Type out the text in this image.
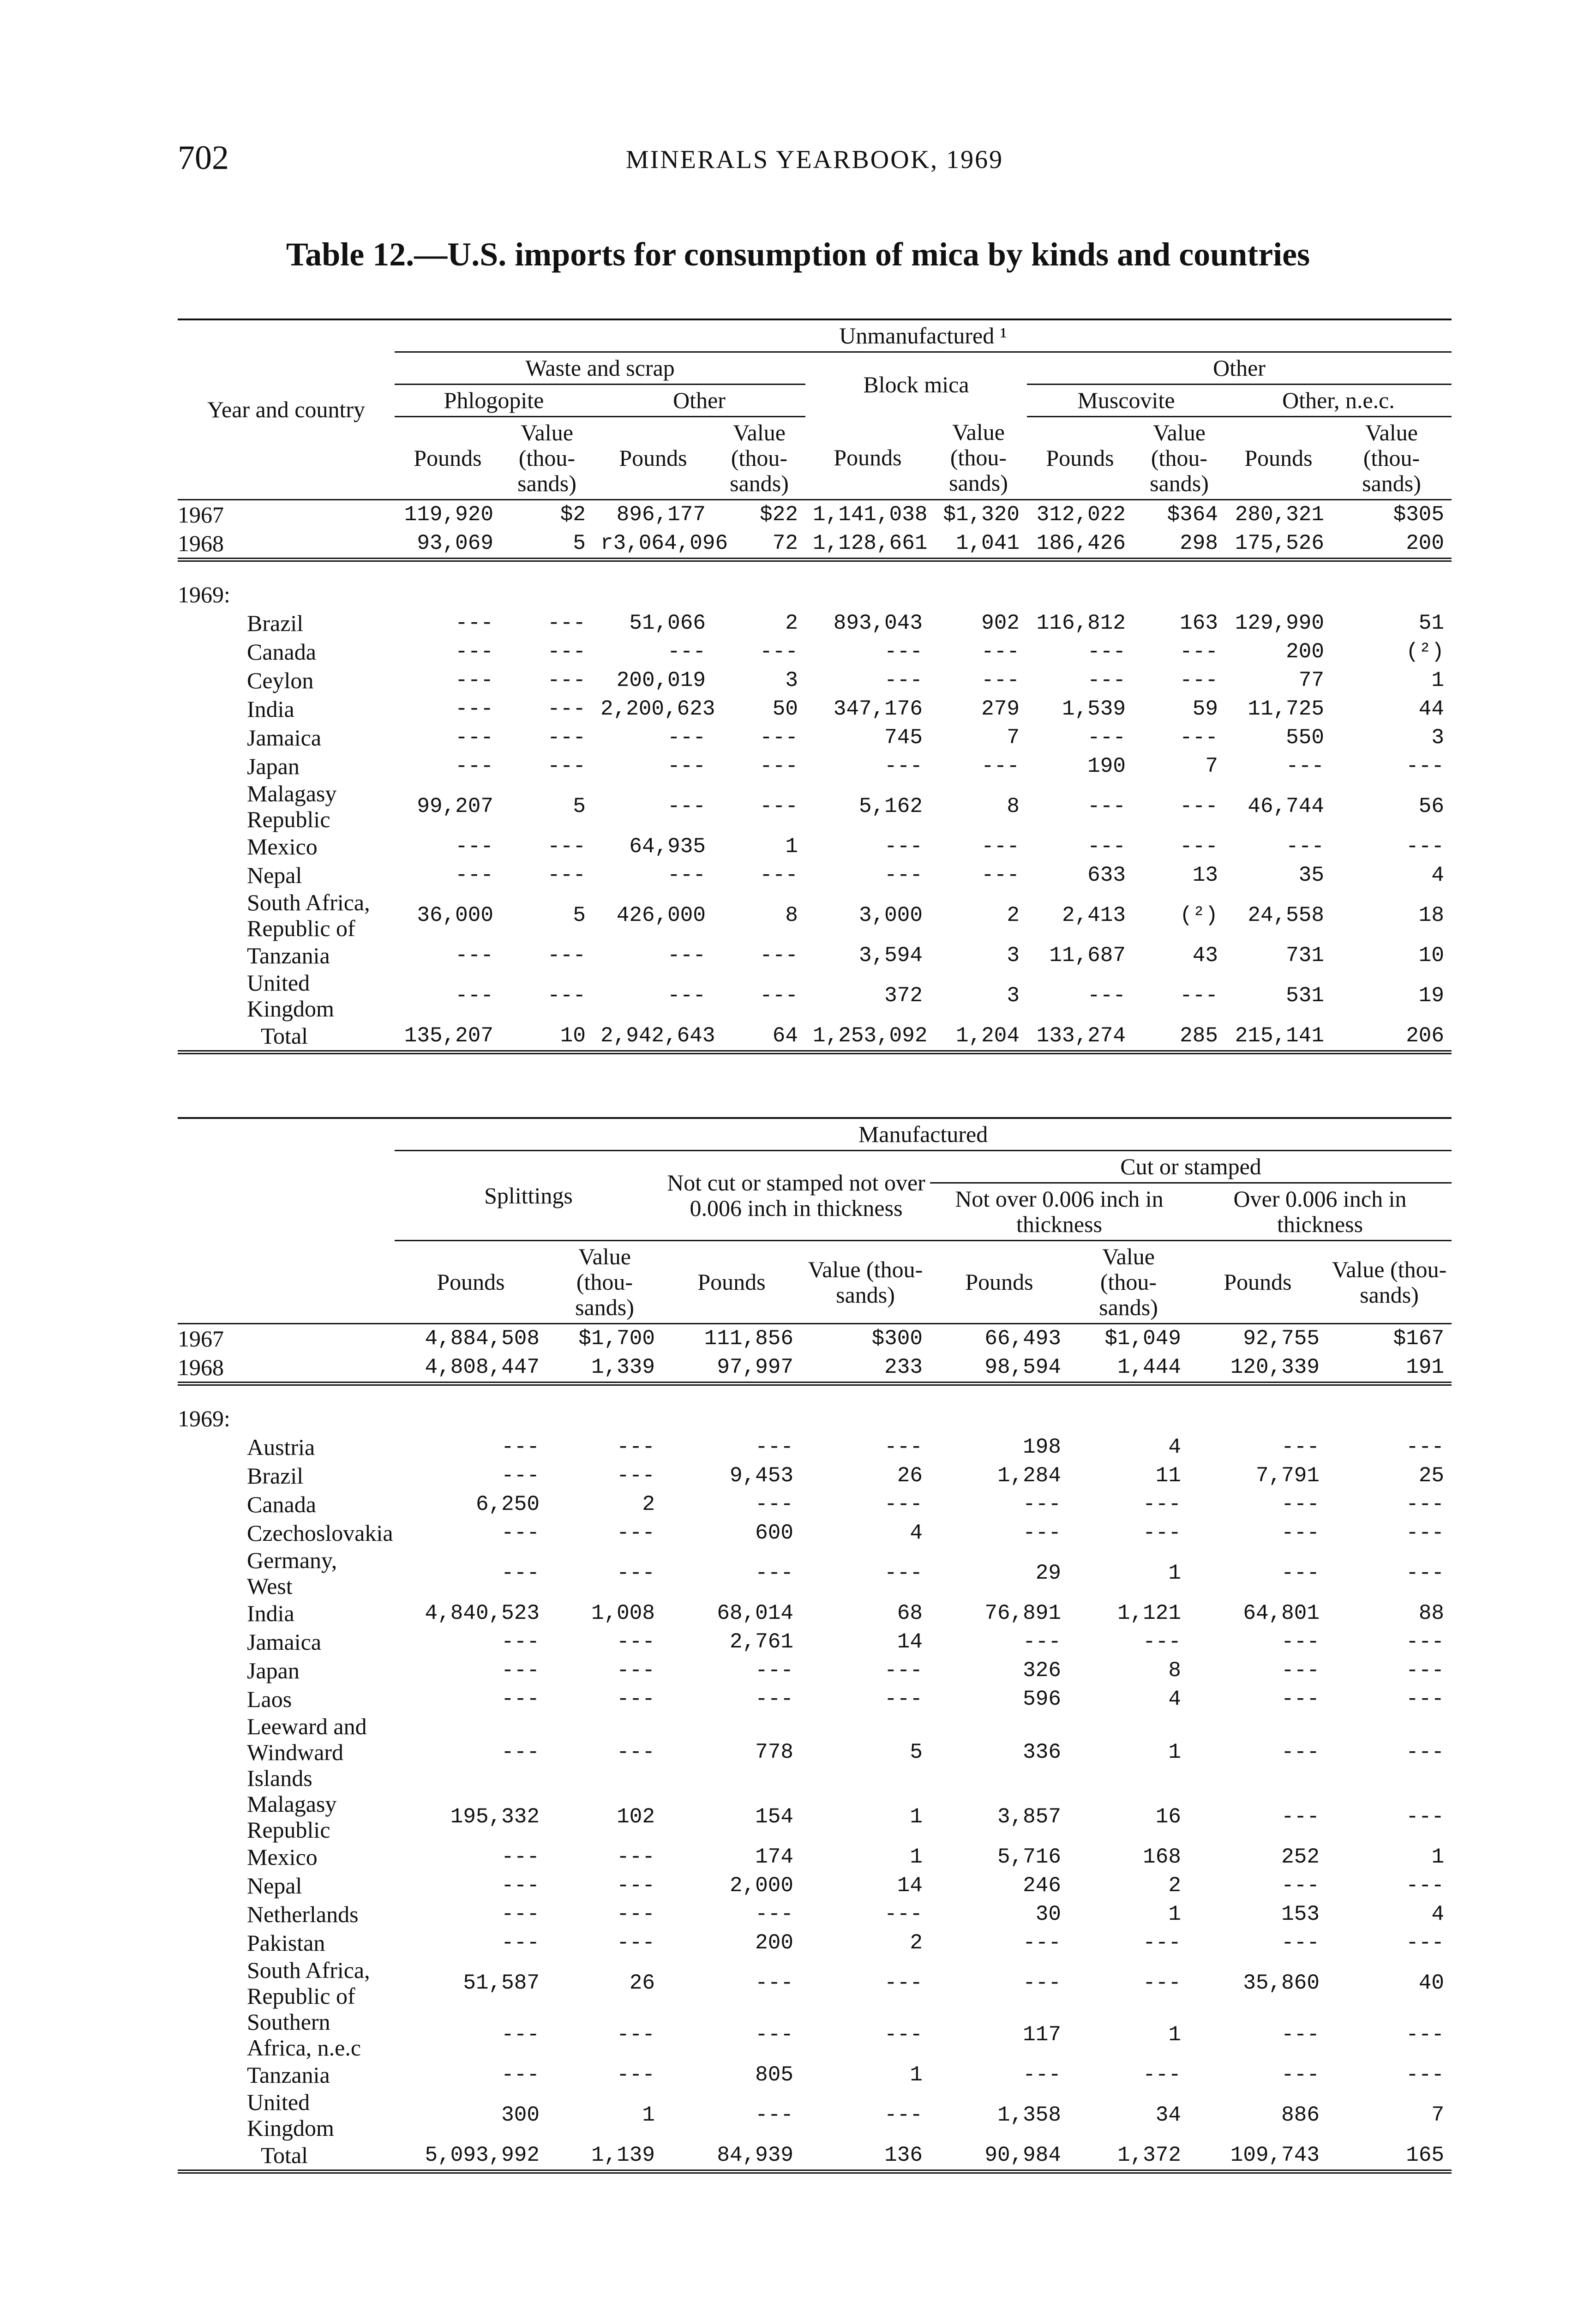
702	MINERALS YEARBOOK, 1969
Table 12.—U.S. imports for consumption of mica by kinds and countries
Year and country	Unmanufactured ¹									
	Waste and scrap				Block mica		Other			
	Phlogopite		Other				Muscovite		Other, n.e.c.	
	Pounds	Value (thou-sands)	Pounds	Value (thou-sands)	Pounds	Value (thou-sands)	Pounds	Value (thou-sands)	Pounds	Value (thou-sands)
1967	119,920	$2	896,177	$22	1,141,038	$1,320	312,022	$364	280,321	$305
1968	93,069	5	r3,064,096	72	1,128,661	1,041	186,426	298	175,526	200
1969:										
Brazil	---	---	51,066	2	893,043	902	116,812	163	129,990	51
Canada	---	---	---	---	---	---	---	---	200	(²)
Ceylon	---	---	200,019	3	---	---	---	---	77	1
India	---	---	2,200,623	50	347,176	279	1,539	59	11,725	44
Jamaica	---	---	---	---	745	7	---	---	550	3
Japan	---	---	---	---	---	---	190	7	---	---
Malagasy Republic	99,207	5	---	---	5,162	8	---	---	46,744	56
Mexico	---	---	64,935	1	---	---	---	---	---	---
Nepal	---	---	---	---	---	---	633	13	35	4
South Africa, Republic of	36,000	5	426,000	8	3,000	2	2,413	(²)	24,558	18
Tanzania	---	---	---	---	3,594	3	11,687	43	731	10
United Kingdom	---	---	---	---	372	3	---	---	531	19
Total	135,207	10	2,942,643	64	1,253,092	1,204	133,274	285	215,141	206
	Manufactured							
	Splittings		Not cut or stamped not over 0.006 inch in thickness		Cut or stamped			
					Not over 0.006 inch in thickness		Over 0.006 inch in thickness	
	Pounds	Value (thou-sands)	Pounds	Value (thou-sands)	Pounds	Value (thou-sands)	Pounds	Value (thou-sands)
1967	4,884,508	$1,700	111,856	$300	66,493	$1,049	92,755	$167
1968	4,808,447	1,339	97,997	233	98,594	1,444	120,339	191
1969:								
Austria	---	---	---	---	198	4	---	---
Brazil	---	---	9,453	26	1,284	11	7,791	25
Canada	6,250	2	---	---	---	---	---	---
Czechoslovakia	---	---	600	4	---	---	---	---
Germany, West	---	---	---	---	29	1	---	---
India	4,840,523	1,008	68,014	68	76,891	1,121	64,801	88
Jamaica	---	---	2,761	14	---	---	---	---
Japan	---	---	---	---	326	8	---	---
Laos	---	---	---	---	596	4	---	---
Leeward and Windward Islands	---	---	778	5	336	1	---	---
Malagasy Republic	195,332	102	154	1	3,857	16	---	---
Mexico	---	---	174	1	5,716	168	252	1
Nepal	---	---	2,000	14	246	2	---	---
Netherlands	---	---	---	---	30	1	153	4
Pakistan	---	---	200	2	---	---	---	---
South Africa, Republic of	51,587	26	---	---	---	---	35,860	40
Southern Africa, n.e.c	---	---	---	---	117	1	---	---
Tanzania	---	---	805	1	---	---	---	---
United Kingdom	300	1	---	---	1,358	34	886	7
Total	5,093,992	1,139	84,939	136	90,984	1,372	109,743	165
